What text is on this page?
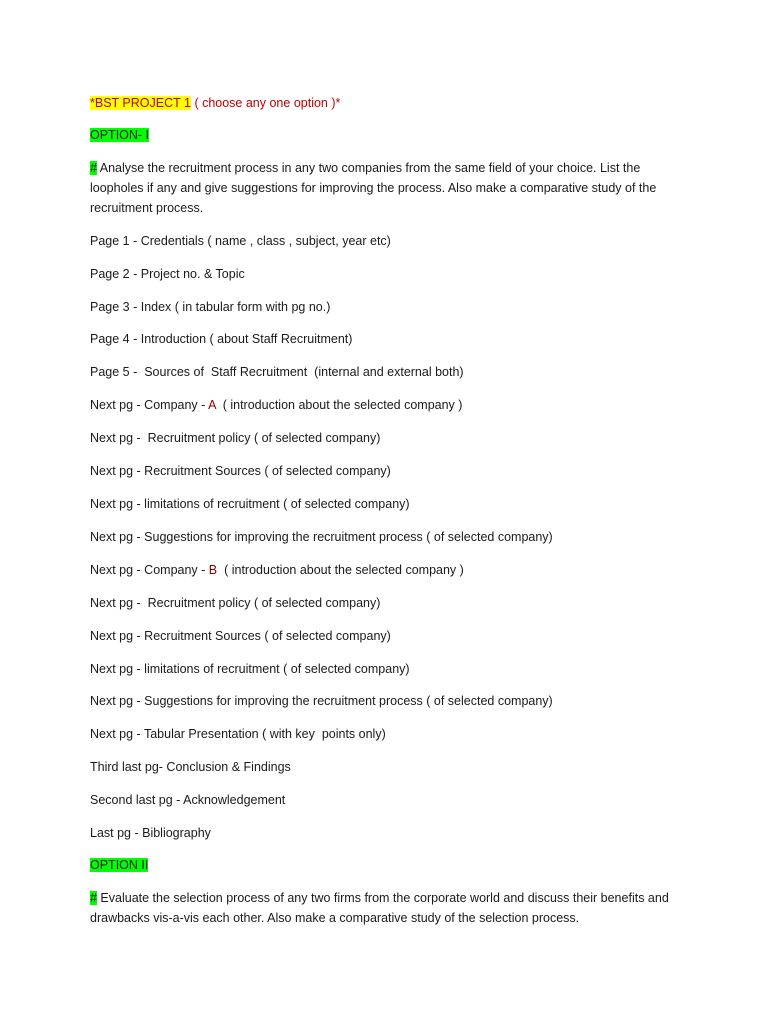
*BST PROJECT 1 ( choose any one option )*
OPTION- I
# Analyse the recruitment process in any two companies from the same field of your choice. List the loopholes if any and give suggestions for improving the process. Also make a comparative study of the recruitment process.
Page 1 - Credentials ( name , class , subject, year etc)
Page 2 - Project no. & Topic
Page 3 - Index ( in tabular form with pg no.)
Page 4 - Introduction ( about Staff Recruitment)
Page 5 -  Sources of  Staff Recruitment  (internal and external both)
Next pg - Company - A  ( introduction about the selected company )
Next pg -  Recruitment policy ( of selected company)
Next pg - Recruitment Sources ( of selected company)
Next pg - limitations of recruitment ( of selected company)
Next pg - Suggestions for improving the recruitment process ( of selected company)
Next pg - Company - B  ( introduction about the selected company )
Next pg -  Recruitment policy ( of selected company)
Next pg - Recruitment Sources ( of selected company)
Next pg - limitations of recruitment ( of selected company)
Next pg - Suggestions for improving the recruitment process ( of selected company)
Next pg - Tabular Presentation ( with key  points only)
Third last pg- Conclusion & Findings
Second last pg - Acknowledgement
Last pg - Bibliography
OPTION II
# Evaluate the selection process of any two firms from the corporate world and discuss their benefits and drawbacks vis-a-vis each other. Also make a comparative study of the selection process.
